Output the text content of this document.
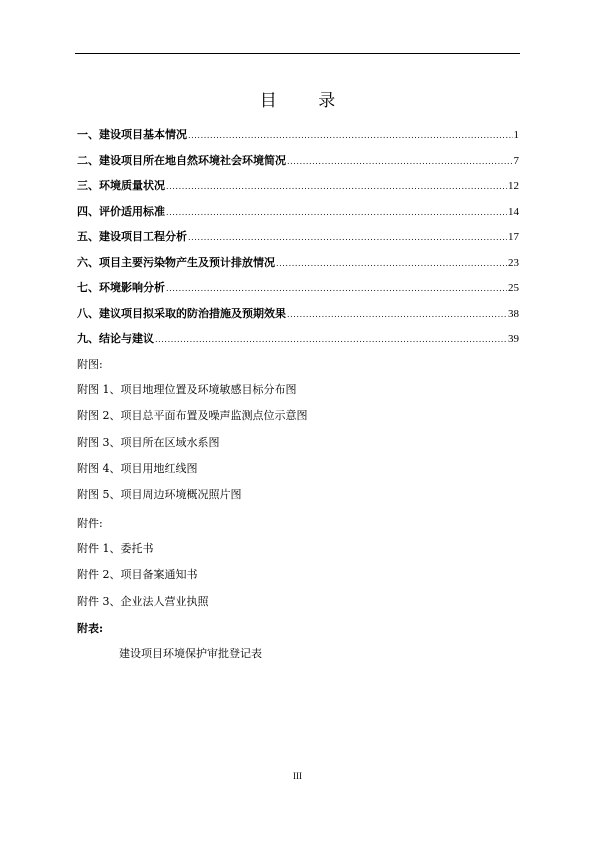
目 录
一、建设项目基本情况 .....	1
二、建设项目所在地自然环境社会环境简况 .....	7
三、环境质量状况 .....	12
四、评价适用标准 .....	14
五、建设项目工程分析 .....	17
六、项目主要污染物产生及预计排放情况 .....	23
七、环境影响分析 .....	25
八、建议项目拟采取的防治措施及预期效果 .....	38
九、结论与建议 .....	39
附图:
附图 1、项目地理位置及环境敏感目标分布图
附图 2、项目总平面布置及噪声监测点位示意图
附图 3、项目所在区域水系图
附图 4、项目用地红线图
附图 5、项目周边环境概况照片图
附件:
附件 1、委托书
附件 2、项目备案通知书
附件 3、企业法人营业执照
附表:
建设项目环境保护审批登记表
III
